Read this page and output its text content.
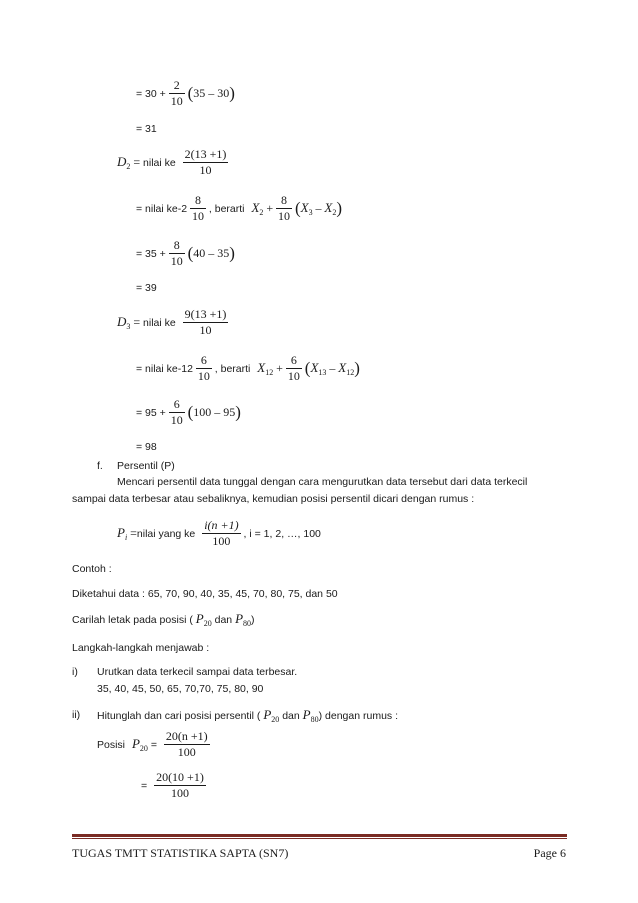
= $30 + \frac{2}{10} (35 - 30)$
= 31
$D_2$ = nilai ke $\frac{2(13 +1)}{10}$
= nilai $ke-2 \frac{8}{10}$ , berarti $X_2 + \frac{8}{10} (X_3 - X_2)$
= $35 + \frac{8}{10} (40 - 35)$
= 39
$D_3$ = nilai ke $\frac{9(13 +1)}{10}$
= nilai $ke-12 \frac{6}{10}$ , berarti $X_{12} + \frac{6}{10} (X_{13} - X_{12})$
= $95 + \frac{6}{10} (100 - 95)$
= 98
f. Persentil (P)
Mencari persentil data tunggal dengan cara mengurutkan data tersebut dari data terkecil
sampai data terbesar atau sebaliknya, kemudian posisi persentil dicari dengan rumus :
$P_i$ =nilai yang ke $\frac{i(n +1)}{100}$ , i = 1, 2, …, 100
Contoh :
Diketahui data : 65, 70, 90, 40, 35, 45, 70, 80, 75, dan 50
Carilah letak pada posisi ( $P_{20}$ dan $P_{80}$)
Langkah-langkah menjawab :
i) Urutkan data terkecil sampai data terbesar.
35, 40, 45, 50, 65, 70,70, 75, 80, 90
ii) Hitunglah dan cari posisi persentil ( $P_{20}$ dan $P_{80}$) dengan rumus :
Posisi $P_{20} = \frac{20(n +1)}{100}$
= $\frac{20(10 +1)}{100}$
TUGAS TMTT STATISTIKA SAPTA (SN7)	Page 6
